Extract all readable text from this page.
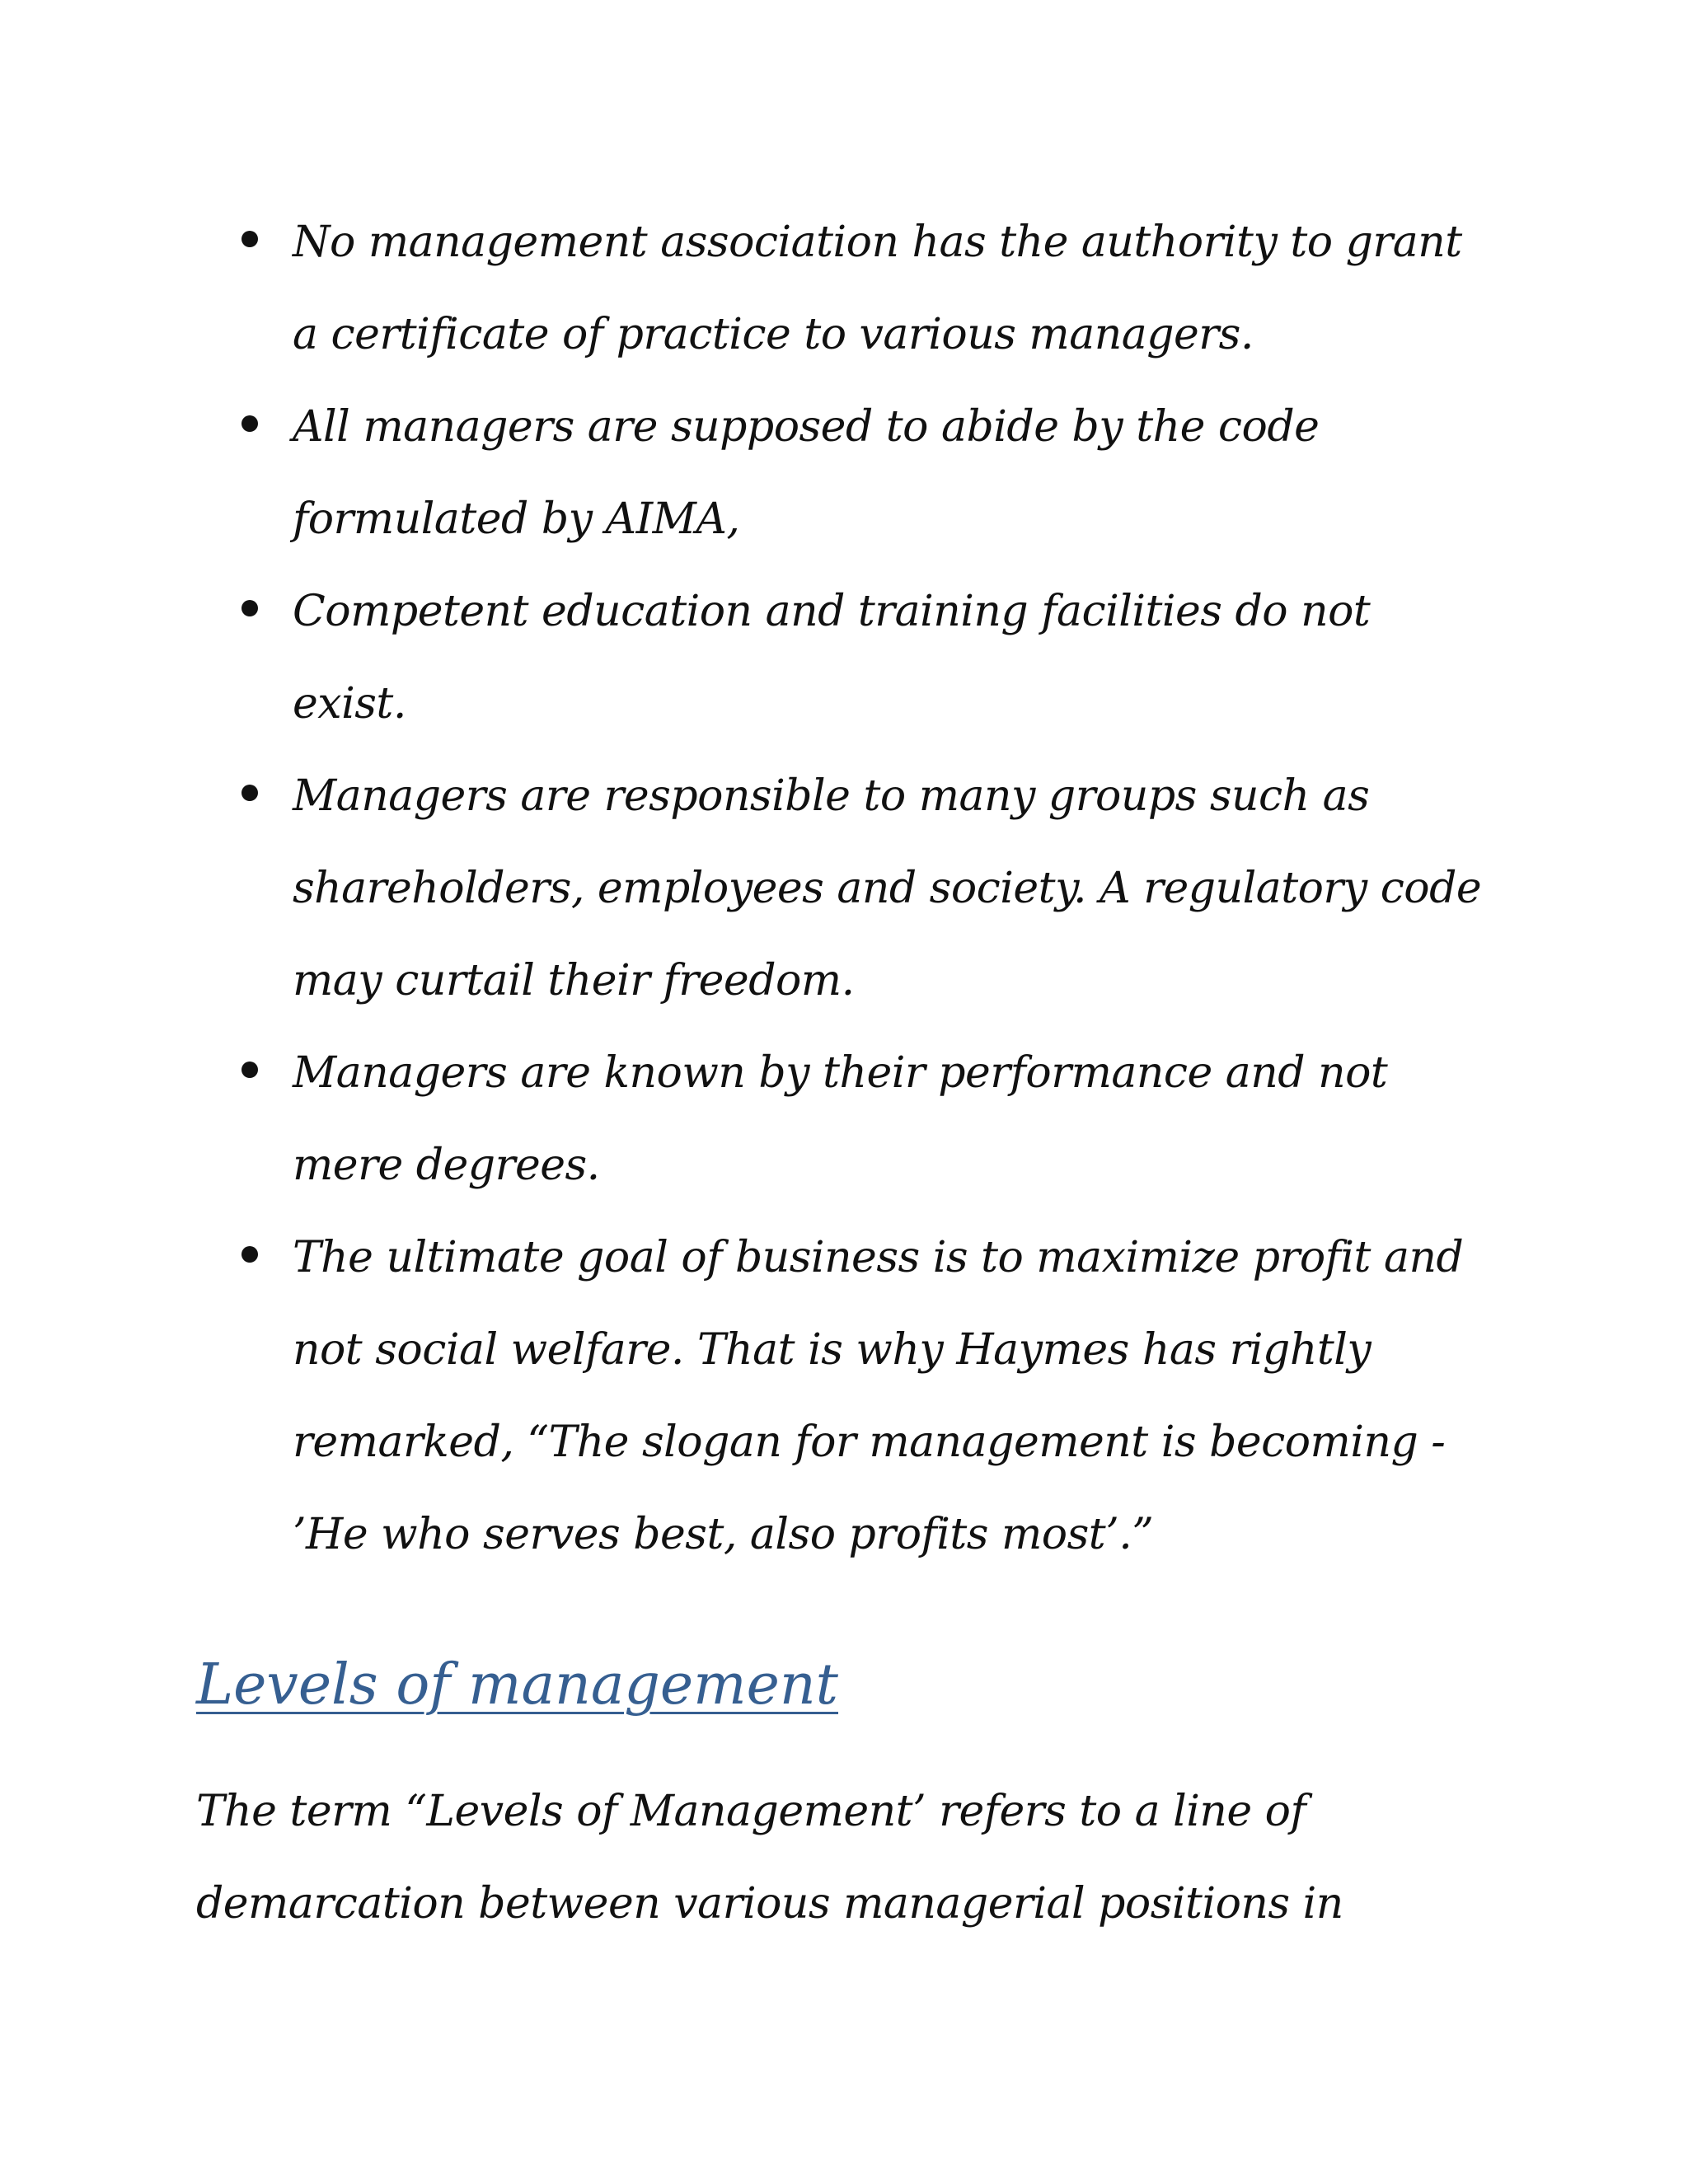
No management association has the authority to grant a certificate of practice to various managers.
All managers are supposed to abide by the code formulated by AIMA,
Competent education and training facilities do not exist.
Managers are responsible to many groups such as shareholders, employees and society. A regulatory code may curtail their freedom.
Managers are known by their performance and not mere degrees.
The ultimate goal of business is to maximize profit and not social welfare. That is why Haymes has rightly remarked, “The slogan for management is becoming - ’He who serves best, also profits most’.”
Levels of management

The term “Levels of Management’ refers to a line of demarcation between various managerial positions in
